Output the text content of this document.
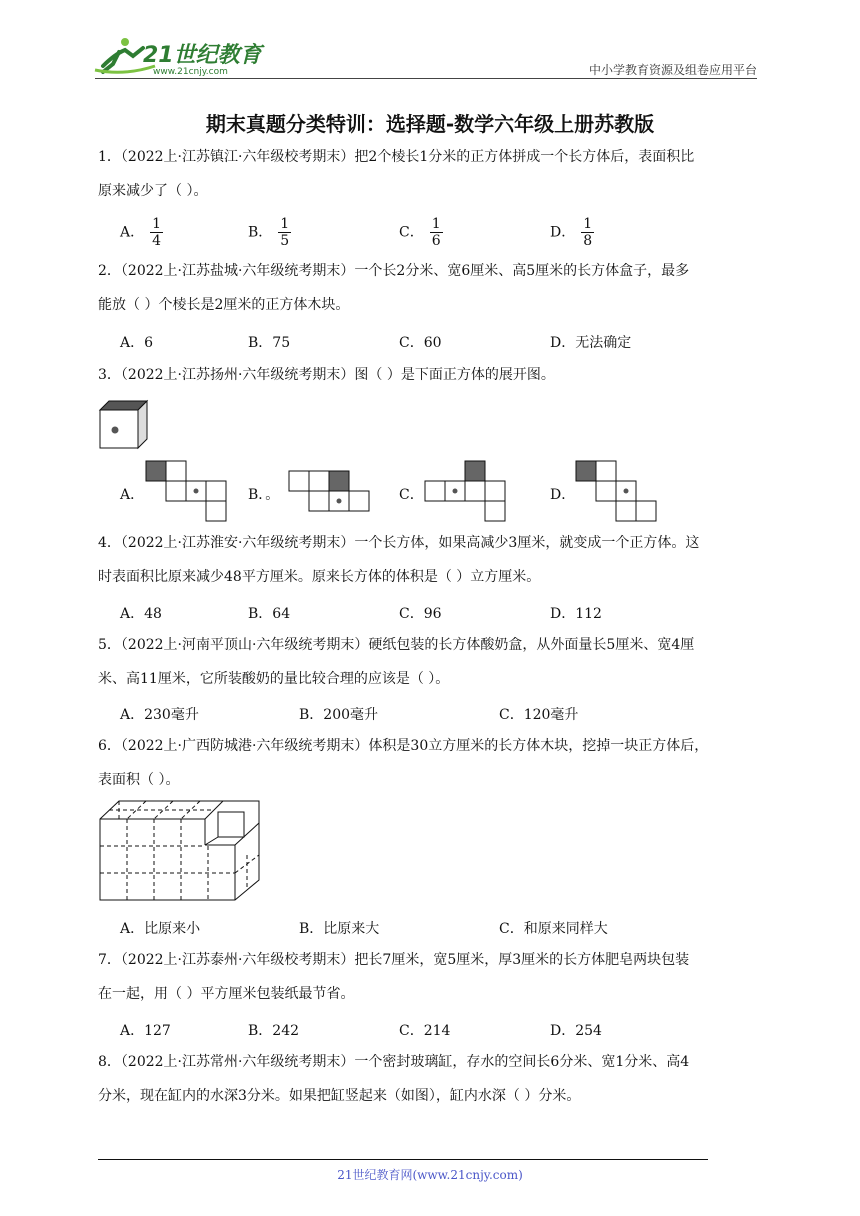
21世纪教育
www.21cnjy.com	中小学教育资源及组卷应用平台
期末真题分类特训：选择题-数学六年级上册苏教版
1．（2022上·江苏镇江·六年级校考期末）把2个棱长1分米的正方体拼成一个长方体后，表面积比
原来减少了（ ）。
A． $\frac{1}{4}$	B． $\frac{1}{5}$	C． $\frac{1}{6}$	D． $\frac{1}{8}$
2．（2022上·江苏盐城·六年级统考期末）一个长2分米、宽6厘米、高5厘米的长方体盒子，最多
能放（ ）个棱长是2厘米的正方体木块。
A．6	B．75	C．60	D．无法确定
3．（2022上·江苏扬州·六年级统考期末）图（ ）是下面正方体的展开图。
A．	B．。	C．	D．
4．（2022上·江苏淮安·六年级统考期末）一个长方体，如果高减少3厘米，就变成一个正方体。这
时表面积比原来减少48平方厘米。原来长方体的体积是（ ）立方厘米。
A．48	B．64	C．96	D．112
5．（2022上·河南平顶山·六年级统考期末）硬纸包装的长方体酸奶盒，从外面量长5厘米、宽4厘
米、高11厘米，它所装酸奶的量比较合理的应该是（ ）。
A．230毫升	B．200毫升	C．120毫升
6．（2022上·广西防城港·六年级统考期末）体积是30立方厘米的长方体木块，挖掉一块正方体后，
表面积（ ）。
A．比原来小	B．比原来大	C．和原来同样大
7．（2022上·江苏泰州·六年级校考期末）把长7厘米，宽5厘米，厚3厘米的长方体肥皂两块包装
在一起，用（ ）平方厘米包装纸最节省。
A．127	B．242	C．214	D．254
8．（2022上·江苏常州·六年级统考期末）一个密封玻璃缸，存水的空间长6分米、宽1分米、高4
分米，现在缸内的水深3分米。如果把缸竖起来（如图），缸内水深（ ）分米。
21世纪教育网(www.21cnjy.com)
